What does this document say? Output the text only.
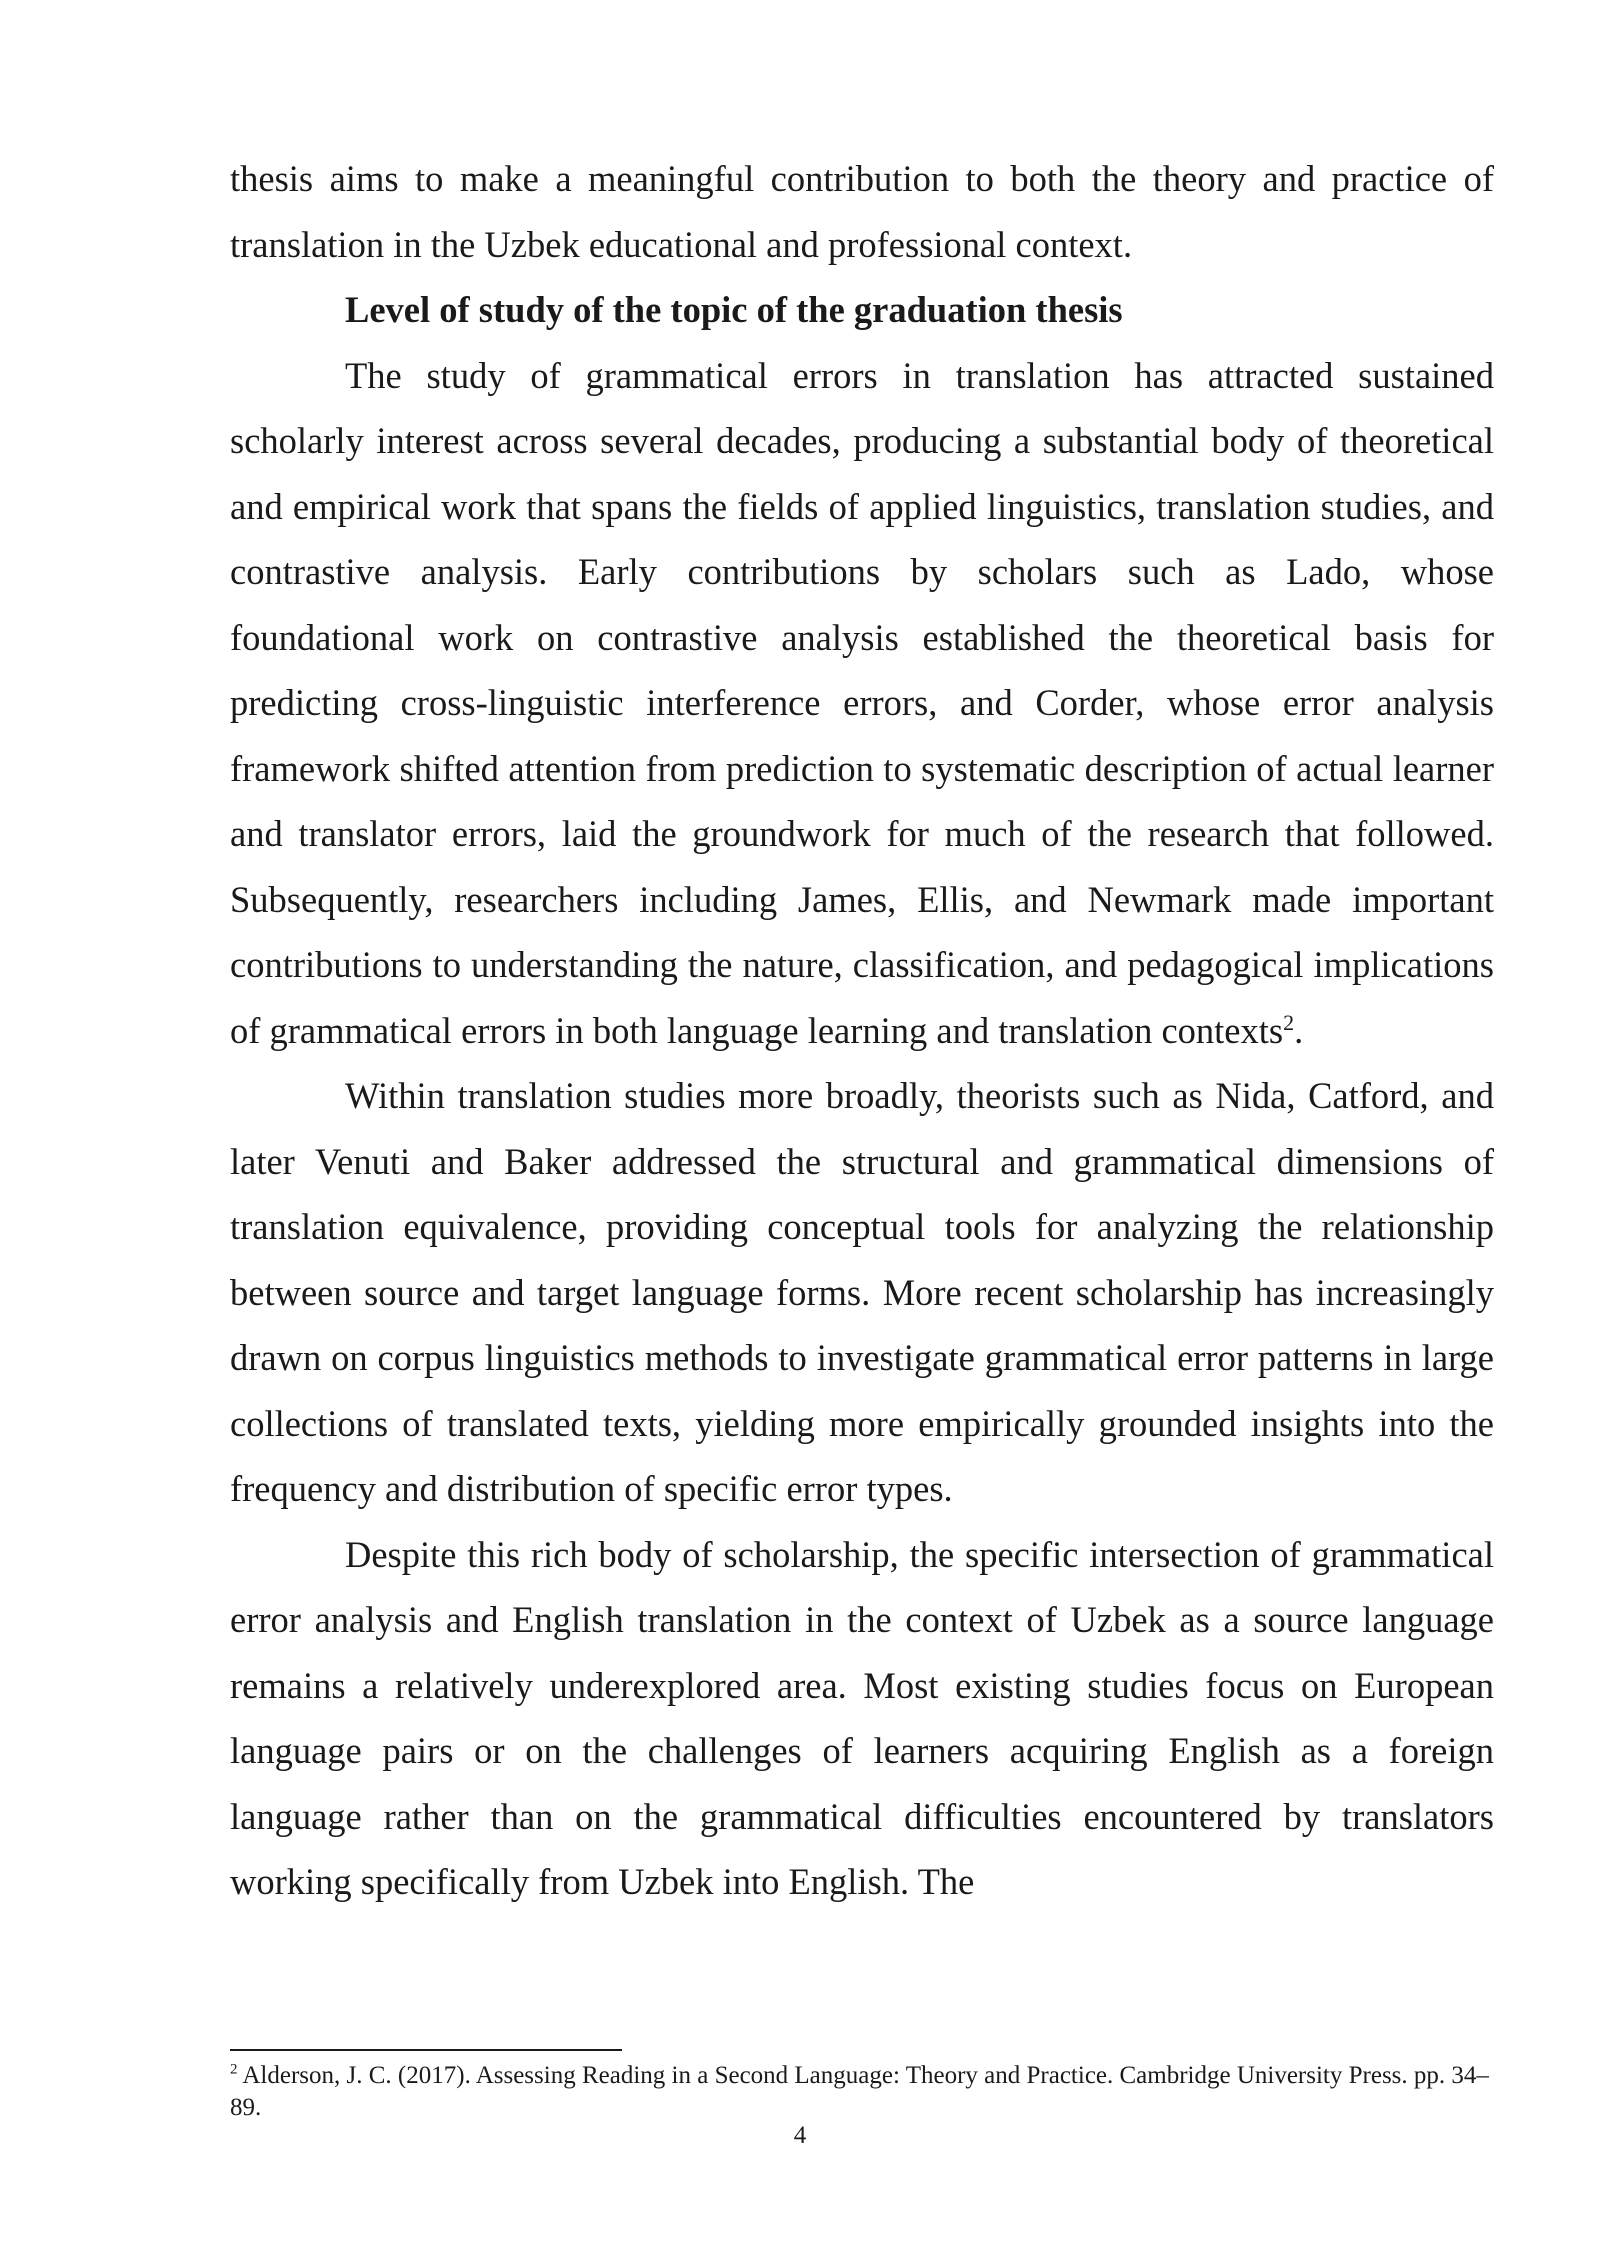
thesis aims to make a meaningful contribution to both the theory and practice of translation in the Uzbek educational and professional context.

Level of study of the topic of the graduation thesis

The study of grammatical errors in translation has attracted sustained scholarly interest across several decades, producing a substantial body of theoretical and empirical work that spans the fields of applied linguistics, translation studies, and contrastive analysis. Early contributions by scholars such as Lado, whose foundational work on contrastive analysis established the theoretical basis for predicting cross-linguistic interference errors, and Corder, whose error analysis framework shifted attention from prediction to systematic description of actual learner and translator errors, laid the groundwork for much of the research that followed. Subsequently, researchers including James, Ellis, and Newmark made important contributions to understanding the nature, classification, and pedagogical implications of grammatical errors in both language learning and translation contexts$^2$.

Within translation studies more broadly, theorists such as Nida, Catford, and later Venuti and Baker addressed the structural and grammatical dimensions of translation equivalence, providing conceptual tools for analyzing the relationship between source and target language forms. More recent scholarship has increasingly drawn on corpus linguistics methods to investigate grammatical error patterns in large collections of translated texts, yielding more empirically grounded insights into the frequency and distribution of specific error types.

Despite this rich body of scholarship, the specific intersection of grammatical error analysis and English translation in the context of Uzbek as a source language remains a relatively underexplored area. Most existing studies focus on European language pairs or on the challenges of learners acquiring English as a foreign language rather than on the grammatical difficulties encountered by translators working specifically from Uzbek into English. The

$^2$ Alderson, J. C. (2017). Assessing Reading in a Second Language: Theory and Practice. Cambridge University Press. pp. 34–89.
4
